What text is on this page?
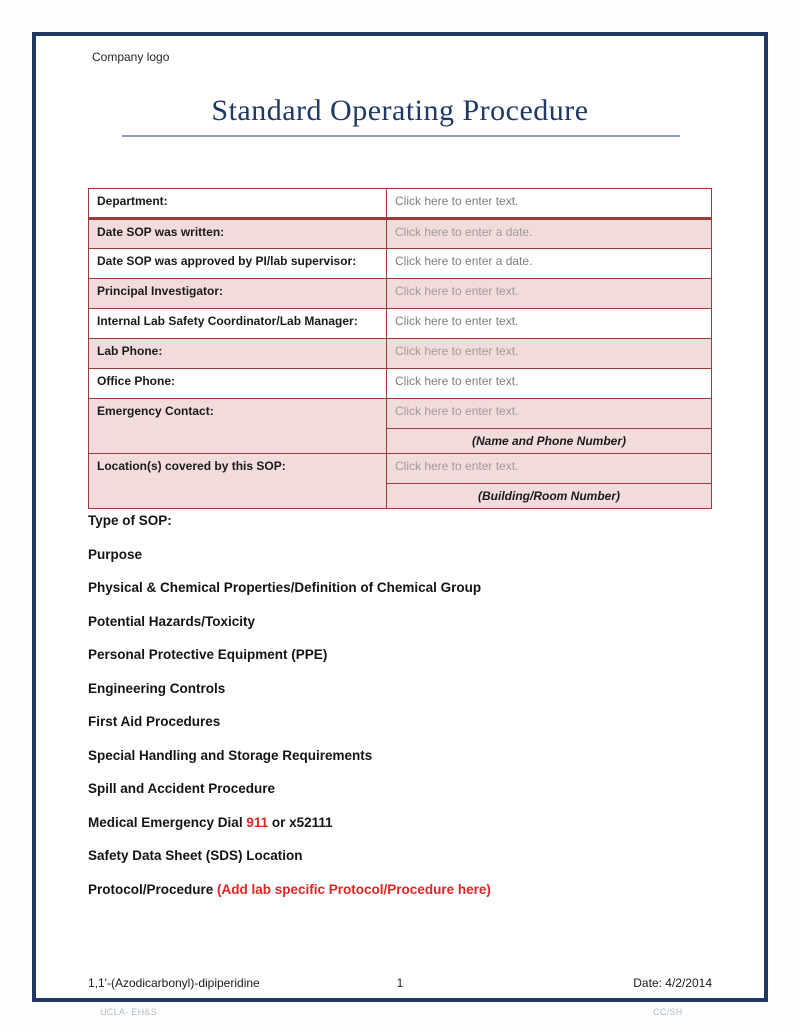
Company logo
Standard Operating Procedure
Department:	Click here to enter text.
Date SOP was written:	Click here to enter a date.
Date SOP was approved by PI/lab supervisor:	Click here to enter a date.
Principal Investigator:	Click here to enter text.
Internal Lab Safety Coordinator/Lab Manager:	Click here to enter text.
Lab Phone:	Click here to enter text.
Office Phone:	Click here to enter text.
Emergency Contact:	Click here to enter text.
	(Name and Phone Number)
Location(s) covered by this SOP:	Click here to enter text.
	(Building/Room Number)
Type of SOP:
Purpose
Physical & Chemical Properties/Definition of Chemical Group
Potential Hazards/Toxicity
Personal Protective Equipment (PPE)
Engineering Controls
First Aid Procedures
Special Handling and Storage Requirements
Spill and Accident Procedure
Medical Emergency Dial 911 or x52111
Safety Data Sheet (SDS) Location
Protocol/Procedure (Add lab specific Protocol/Procedure here)
1,1'-(Azodicarbonyl)-dipiperidine	1	Date: 4/2/2014
UCLA- EH&S	CC/SH
